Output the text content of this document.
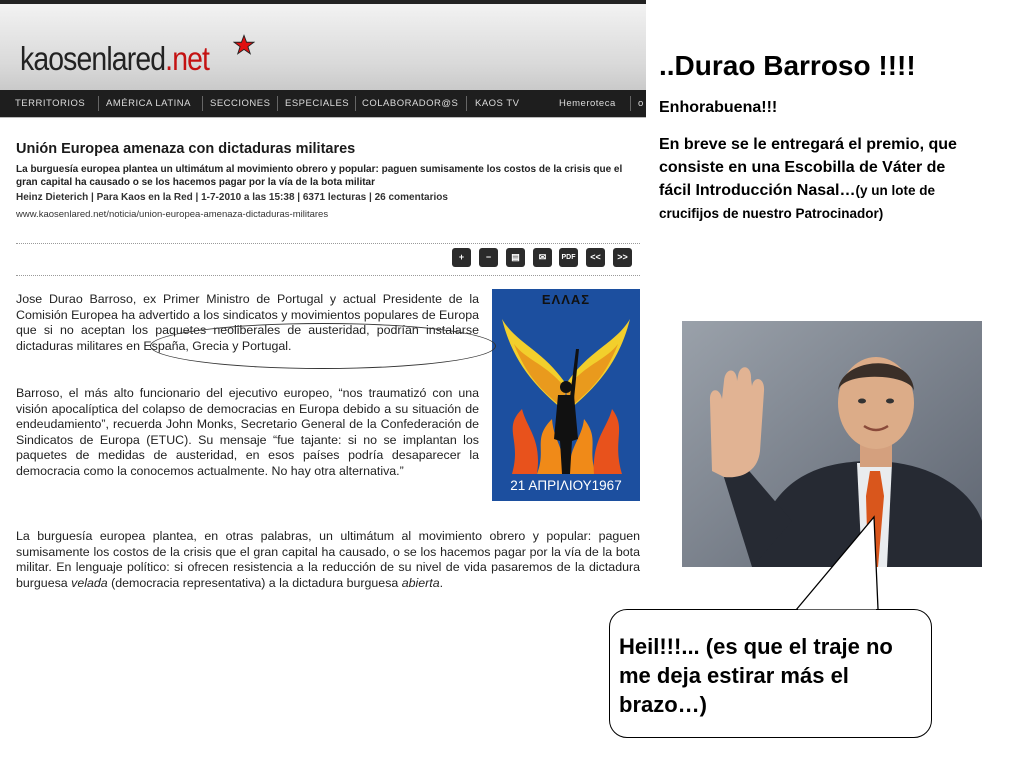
kaosenlared.net
TERRITORIOS AMÉRICA LATINA SECCIONES ESPECIALES COLABORADOR@S KAOS TV	Hemeroteca o
Unión Europea amenaza con dictaduras militares
La burguesía europea plantea un ultimátum al movimiento obrero y popular: paguen sumisamente los costos de la crisis que el gran capital ha causado o se los hacemos pagar por la vía de la bota militar
Heinz Dieterich | Para Kaos en la Red | 1-7-2010 a las 15:38 | 6371 lecturas | 26 comentarios
www.kaosenlared.net/noticia/union-europea-amenaza-dictaduras-militares
+	−	▤	✉	PDF	<<	>>
Jose Durao Barroso, ex Primer Ministro de Portugal y actual Presidente de la Comisión Europea ha advertido a los sindicatos y movimientos populares de Europa que si no aceptan los paquetes neoliberales de austeridad, podrían instalarse dictaduras militares en España, Grecia y Portugal.
ΕΛΛΑΣ
21 ΑΠΡΙΛΙΟΥ1967
Barroso, el más alto funcionario del ejecutivo europeo, “nos traumatizó con una visión apocalíptica del colapso de democracias en Europa debido a su situación de endeudamiento”, recuerda John Monks, Secretario General de la Confederación de Sindicatos de Europa (ETUC). Su mensaje “fue tajante: si no se implantan los paquetes de medidas de austeridad, en esos países podría desaparecer la democracia como la conocemos actualmente. No hay otra alternativa.”
La burguesía europea plantea, en otras palabras, un ultimátum al movimiento obrero y popular: paguen sumisamente los costos de la crisis que el gran capital ha causado, o se los hacemos pagar por la vía de la bota militar. En lenguaje político: si ofrecen resistencia a la reducción de su nivel de vida pasaremos de la dictadura burguesa velada (democracia representativa) a la dictadura burguesa abierta.
..Durao Barroso !!!!
Enhorabuena!!!
En breve se le entregará el premio, que consiste en una Escobilla de Váter de fácil Introducción Nasal…(y un lote de crucifijos de nuestro Patrocinador)
Heil!!!... (es que el traje no me deja estirar más el brazo…)
